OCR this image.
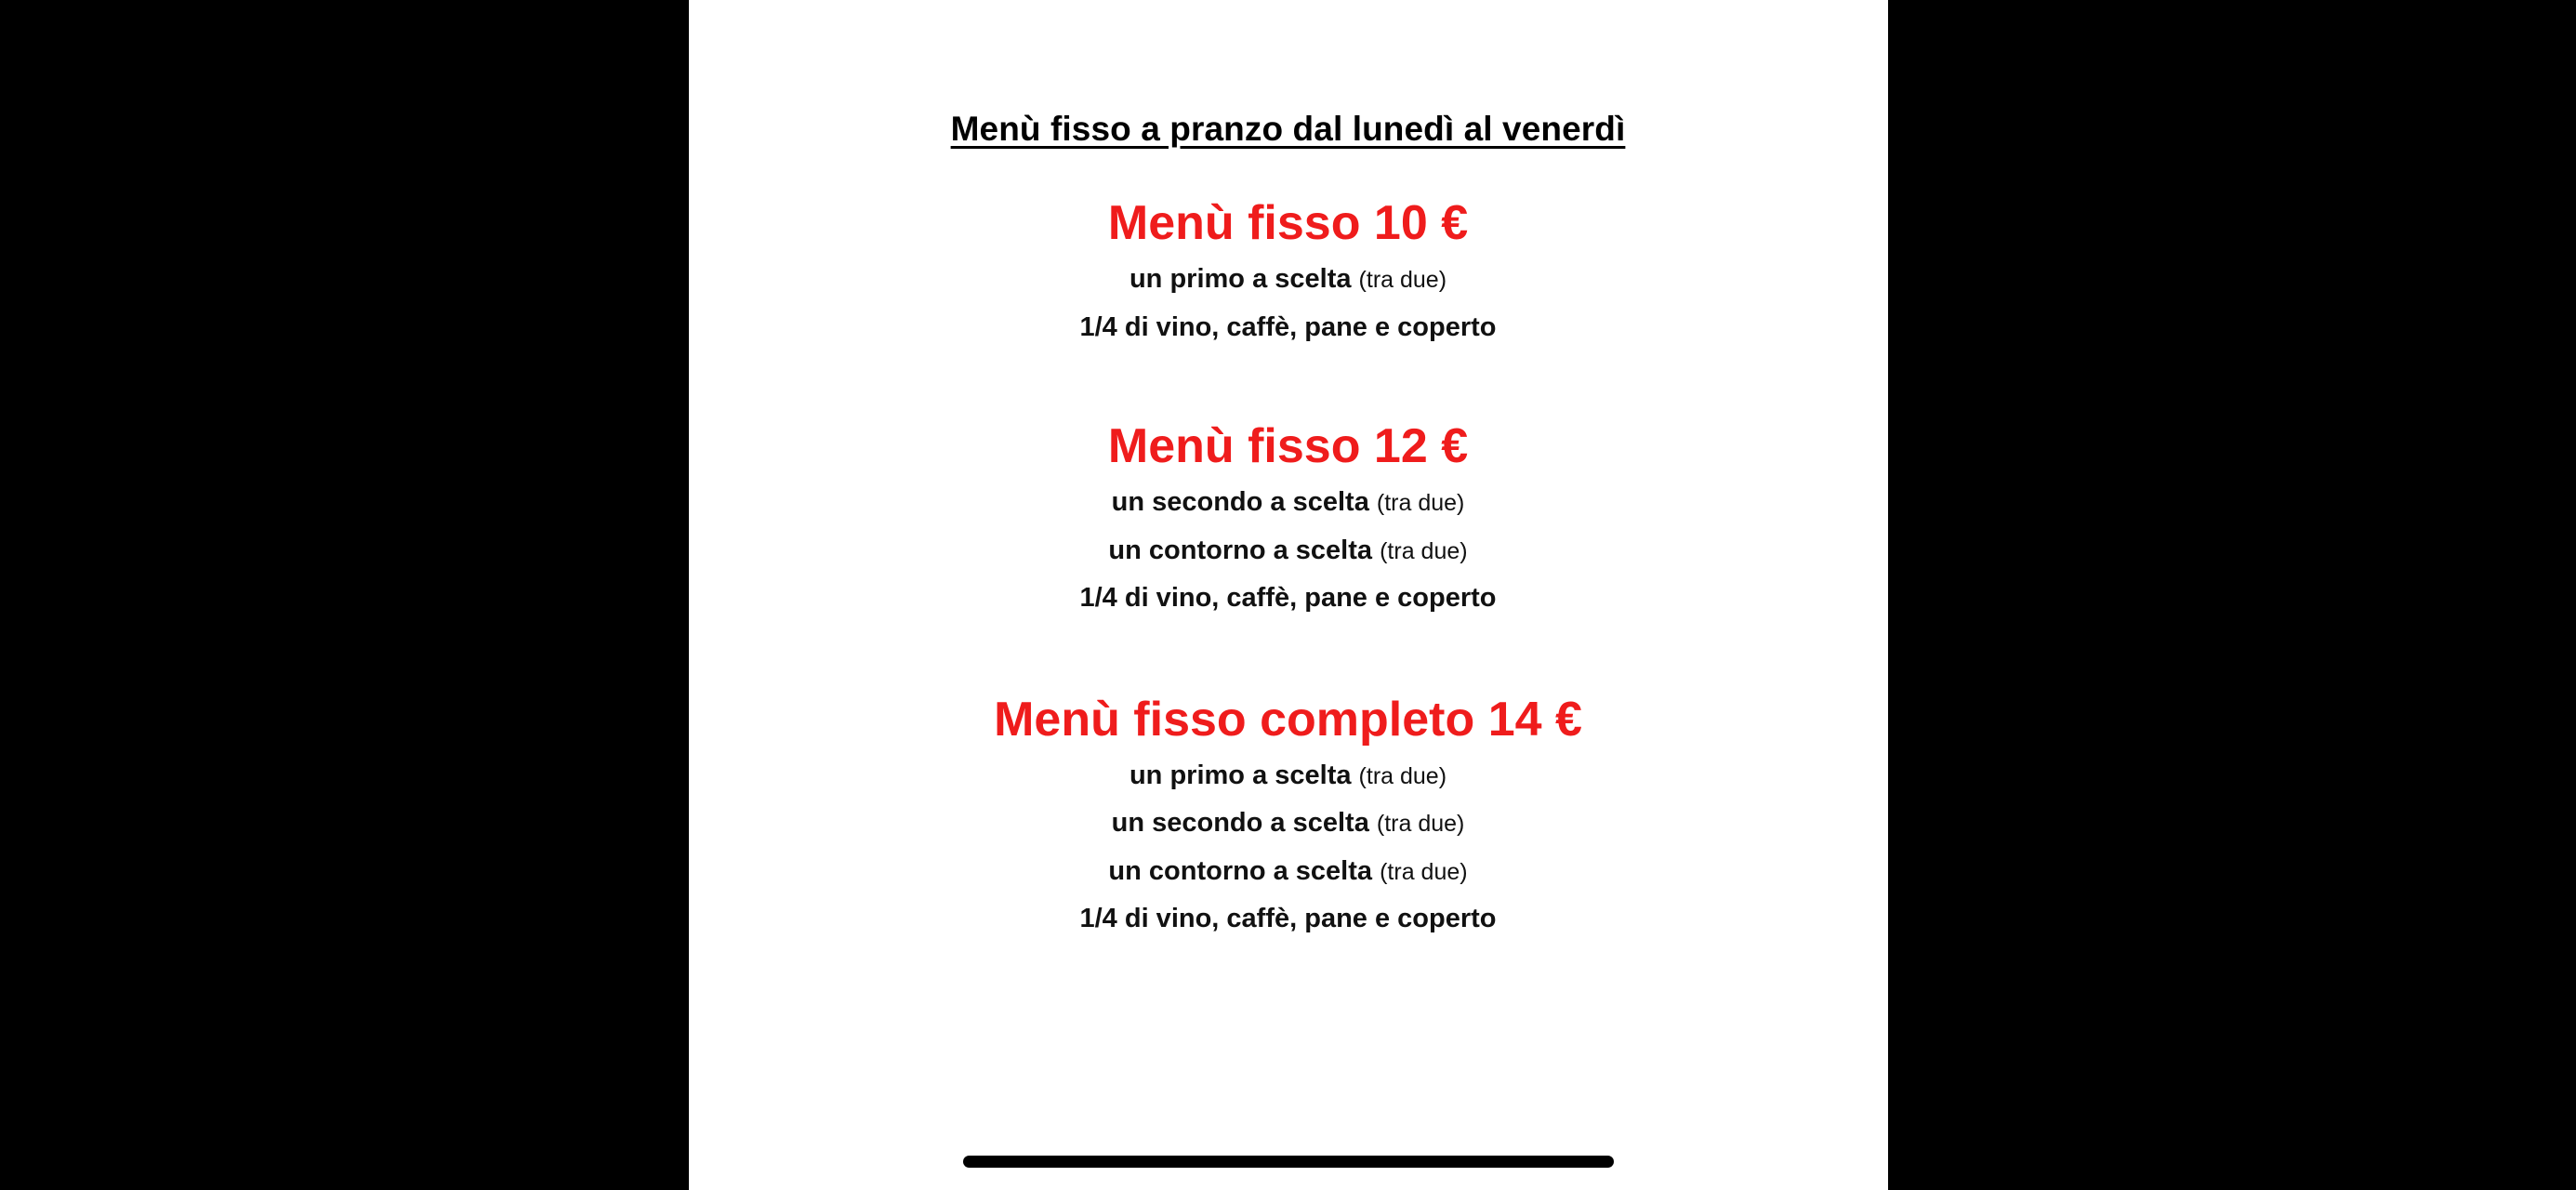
Menù fisso a pranzo dal lunedì al venerdì
Menù fisso 10 €
un primo a scelta (tra due)
1/4 di vino, caffè, pane e coperto
Menù fisso 12 €
un secondo a scelta (tra due)
un contorno a scelta (tra due)
1/4 di vino, caffè, pane e coperto
Menù fisso completo 14 €
un primo a scelta (tra due)
un secondo a scelta (tra due)
un contorno a scelta (tra due)
1/4 di vino, caffè, pane e coperto
